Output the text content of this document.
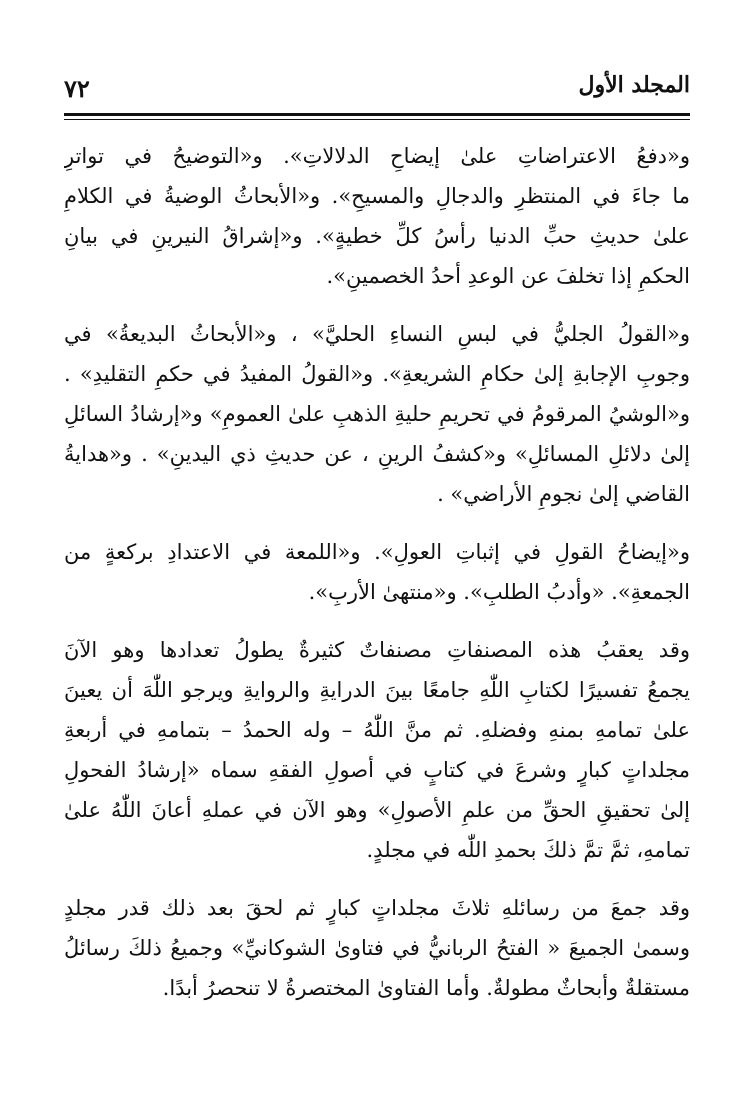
المجلد الأول
٧٢
و«دفعُ الاعتراضاتِ علىٰ إيضاحِ الدلالاتِ». و«التوضيحُ في تواترِ
ما جاءَ في المنتظرِ والدجالِ والمسيحِ». و«الأبحاثُ الوضيةُ في الكلامِ
علىٰ حديثِ حبِّ الدنيا رأسُ كلِّ خطيةٍ». و«إشراقُ النيرينِ في بيانِ
الحكمِ إذا تخلفَ عن الوعدِ أحدُ الخصمينِ».
و«القولُ الجليُّ في لبسِ النساءِ الحليَّ» ، و«الأبحاثُ البديعةُ» في
وجوبِ الإجابةِ إلىٰ حكامِ الشريعةِ». و«القولُ المفيدُ في حكمِ التقليدِ» .
و«الوشيُ المرقومُ في تحريمِ حليةِ الذهبِ علىٰ العمومِ» و«إرشادُ السائلِ
إلىٰ دلائلِ المسائلِ» و«كشفُ الرينِ ، عن حديثِ ذي اليدينِ» . و«هدايةُ
القاضي إلىٰ نجومِ الأراضي» .
و«إيضاحُ القولِ في إثباتِ العولِ». و«اللمعة في الاعتدادِ بركعةٍ من
الجمعةِ». «وأدبُ الطلبِ». و«منتهىٰ الأربِ».
وقد يعقبُ هذه المصنفاتِ مصنفاتٌ كثيرةٌ يطولُ تعدادها وهو الآنَ
يجمعُ تفسيرًا لكتابِ اللّٰهِ جامعًا بينَ الدرايةِ والروايةِ ويرجو اللّٰهَ أن يعينَ
علىٰ تمامهِ بمنهِ وفضلهِ. ثم منَّ اللّٰهُ – وله الحمدُ – بتمامهِ في أربعةِ
مجلداتٍ كبارٍ وشرعَ في كتابٍ في أصولِ الفقهِ سماه «إرشادُ الفحولِ
إلىٰ تحقيقِ الحقِّ من علمِ الأصولِ» وهو الآن في عملهِ أعانَ اللّٰهُ علىٰ
تمامهِ، ثمَّ تمَّ ذلكَ بحمدِ اللّٰه في مجلدٍ.
وقد جمعَ من رسائلهِ ثلاثَ مجلداتٍ كبارٍ ثم لحقَ بعد ذلك قدر مجلدٍ
وسمىٰ الجميعَ « الفتحُ الربانيُّ في فتاوىٰ الشوكانيِّ» وجميعُ ذلكَ رسائلُ
مستقلةٌ وأبحاثٌ مطولةٌ. وأما الفتاوىٰ المختصرةُ لا تنحصرُ أبدًا.
